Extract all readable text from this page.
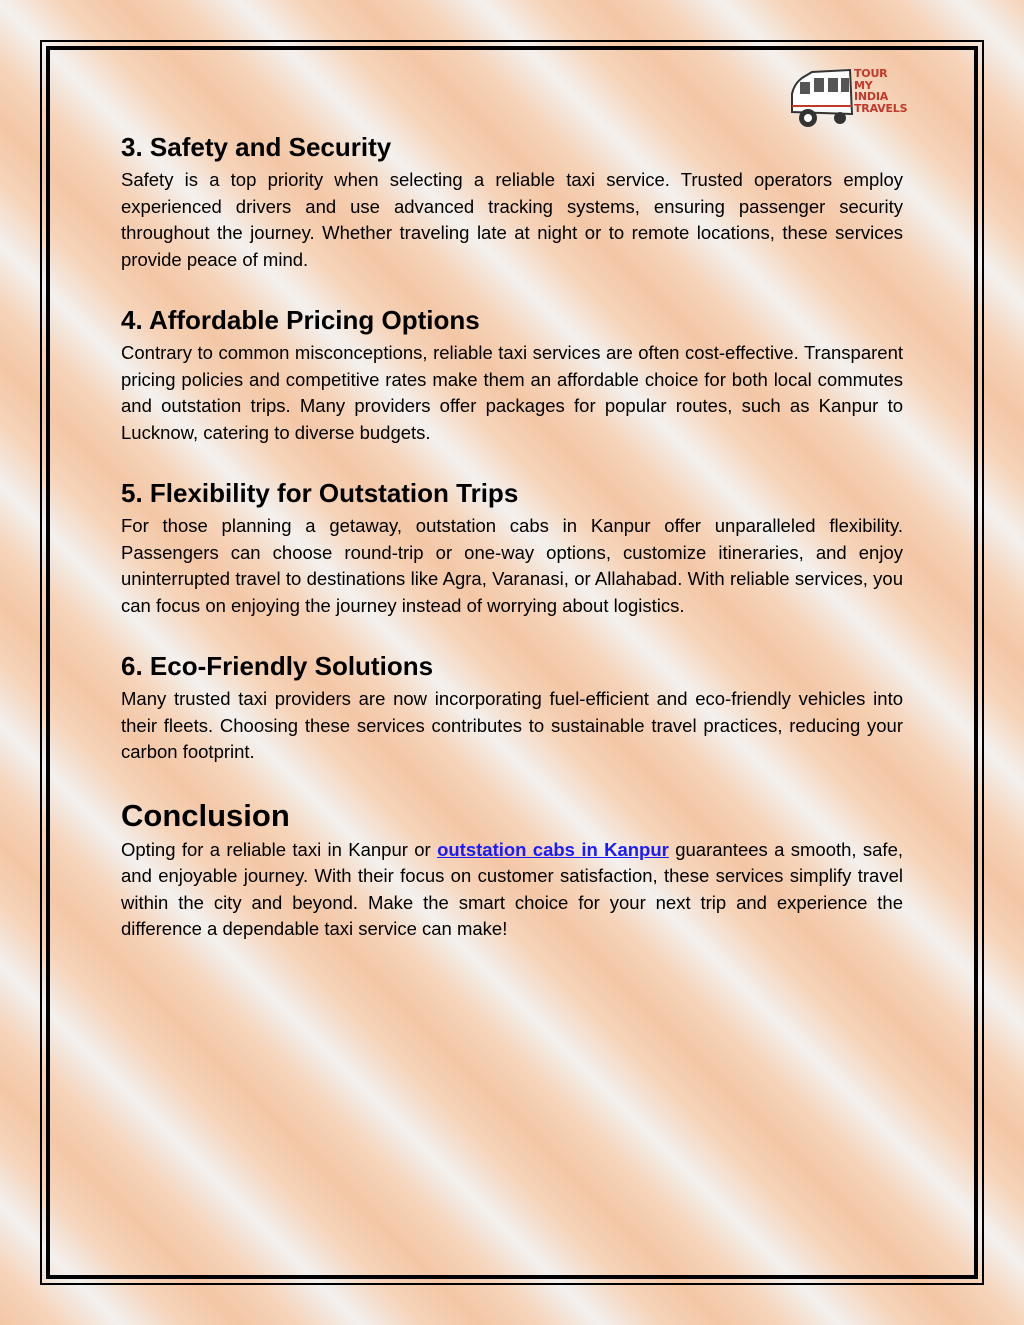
TOUR
MY
INDIA
TRAVELS
3. Safety and Security

Safety is a top priority when selecting a reliable taxi service. Trusted operators employ experienced drivers and use advanced tracking systems, ensuring passenger security throughout the journey. Whether traveling late at night or to remote locations, these services provide peace of mind.

4. Affordable Pricing Options

Contrary to common misconceptions, reliable taxi services are often cost-effective. Transparent pricing policies and competitive rates make them an affordable choice for both local commutes and outstation trips. Many providers offer packages for popular routes, such as Kanpur to Lucknow, catering to diverse budgets.

5. Flexibility for Outstation Trips

For those planning a getaway, outstation cabs in Kanpur offer unparalleled flexibility. Passengers can choose round-trip or one-way options, customize itineraries, and enjoy uninterrupted travel to destinations like Agra, Varanasi, or Allahabad. With reliable services, you can focus on enjoying the journey instead of worrying about logistics.

6. Eco-Friendly Solutions

Many trusted taxi providers are now incorporating fuel-efficient and eco-friendly vehicles into their fleets. Choosing these services contributes to sustainable travel practices, reducing your carbon footprint.

Conclusion

Opting for a reliable taxi in Kanpur or outstation cabs in Kanpur guarantees a smooth, safe, and enjoyable journey. With their focus on customer satisfaction, these services simplify travel within the city and beyond. Make the smart choice for your next trip and experience the difference a dependable taxi service can make!
